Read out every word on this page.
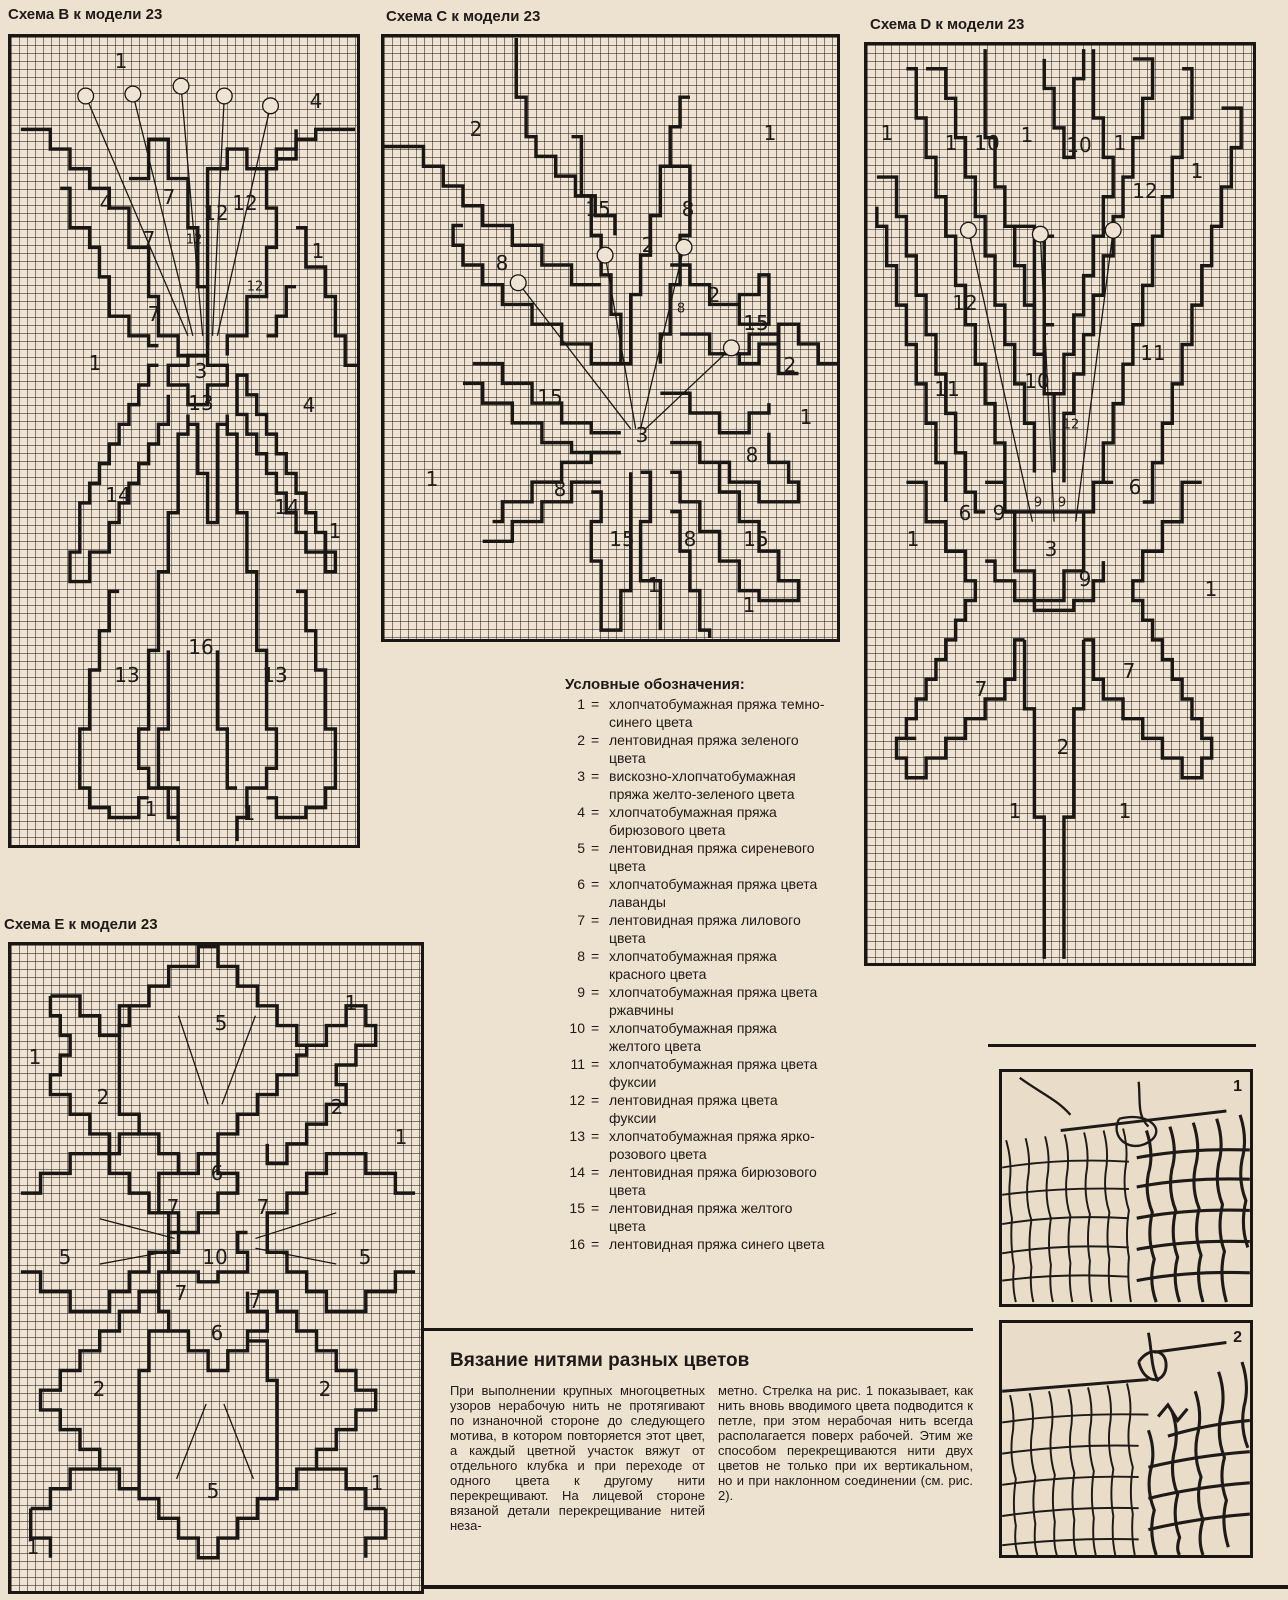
Схема B к модели 23
1
4
4	7
7
12 12
12
12
7
1
1	3
13	4
14	14
1
16
13	13
1	1
Схема C к модели 23
2	1
15	8
2
8
8
2
15
2
15
1
3
8
1	8
15 8 15
1
1
Схема D к модели 23
1	1 10 1 10 1
1
12
12
11
11
1
10
12
6 9 9 9
6
1	3
9	1
7
7
2
1	1
Схема E к модели 23
5
1
1
2	2
1
6
7	7
5	10	5
7	7
6
2	2
5	1
1
Условные обозначения:
1 = хлопчатобумажная пряжа темно-синего цвета
2 = лентовидная пряжа зеленого цвета
3 = вискозно-хлопчатобумажная пряжа желто-зеленого цвета
4 = хлопчатобумажная пряжа бирюзового цвета
5 = лентовидная пряжа сиреневого цвета
6 = хлопчатобумажная пряжа цвета лаванды
7 = лентовидная пряжа лилового цвета
8 = хлопчатобумажная пряжа красного цвета
9 = хлопчатобумажная пряжа цвета ржавчины
10 = хлопчатобумажная пряжа желтого цвета
11 = хлопчатобумажная пряжа цвета фуксии
12 = лентовидная пряжа цвета фуксии
13 = хлопчатобумажная пряжа ярко-розового цвета
14 = лентовидная пряжа бирюзового цвета
15 = лентовидная пряжа желтого цвета
16 = лентовидная пряжа синего цвета
Вязание нитями разных цветов
При выполнении крупных многоцветных узоров нерабочую нить не протягивают по изнаночной стороне до следующего мотива, в котором повторяется этот цвет, а каждый цветной участок вяжут от отдельного клубка и при переходе от одного цвета к другому нити перекрещивают. На лицевой стороне вязаной детали перекрещивание нитей неза-
метно. Стрелка на рис. 1 показывает, как нить вновь вводимого цвета подводится к петле, при этом нерабочая нить всегда располагается поверх рабочей. Этим же способом перекрещиваются нити двух цветов не только при их вертикальном, но и при наклонном соединении (см. рис. 2).
1
2
